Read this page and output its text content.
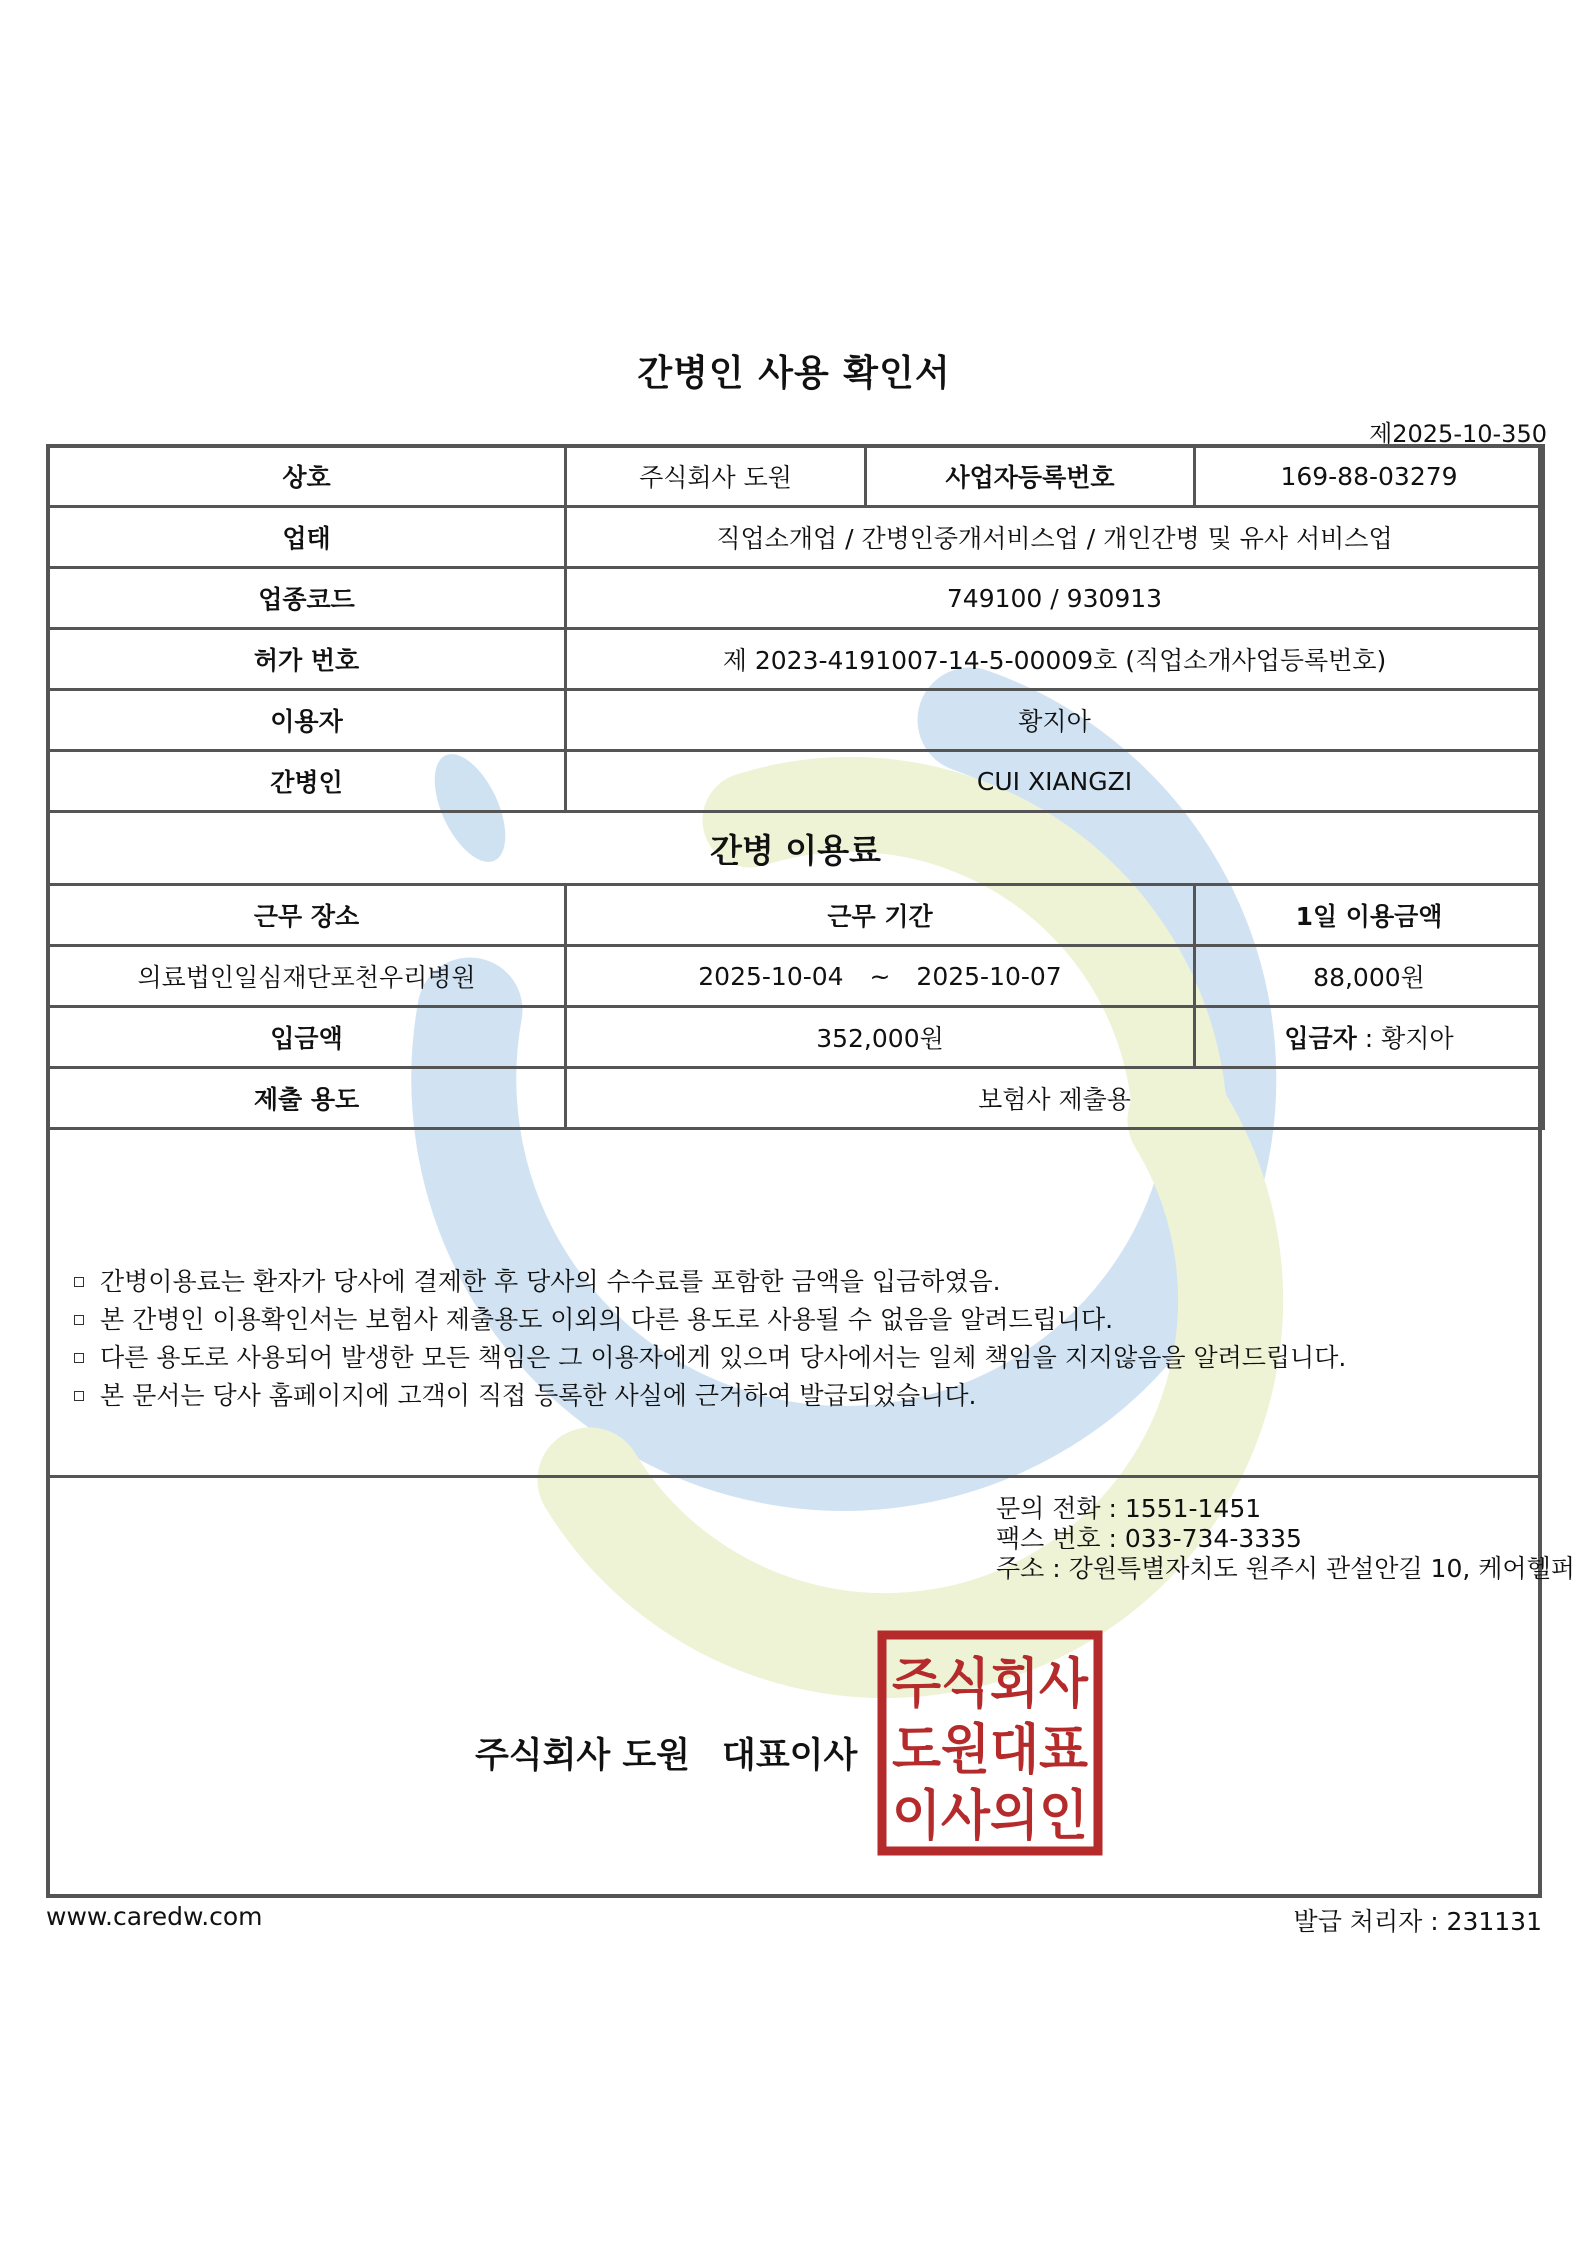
간병인 사용 확인서
제2025-10-350
상호	주식회사 도원	사업자등록번호	169-88-03279
업태	직업소개업 / 간병인중개서비스업 / 개인간병 및 유사 서비스업		
업종코드	749100 / 930913		
허가 번호	제 2023-4191007-14-5-00009호 (직업소개사업등록번호)		
이용자	황지아		
간병인	CUI XIANGZI		
간병 이용료			
근무 장소	근무 기간		1일 이용금액
의료법인일심재단포천우리병원	2025-10-04 ~ 2025-10-07		88,000원
입금액	352,000원		입금자 : 황지아
제출 용도	보험사 제출용		
간병이용료는 환자가 당사에 결제한 후 당사의 수수료를 포함한 금액을 입금하였음.
본 간병인 이용확인서는 보험사 제출용도 이외의 다른 용도로 사용될 수 없음을 알려드립니다.
다른 용도로 사용되어 발생한 모든 책임은 그 이용자에게 있으며 당사에서는 일체 책임을 지지않음을 알려드립니다.
본 문서는 당사 홈페이지에 고객이 직접 등록한 사실에 근거하여 발급되었습니다.
문의 전화 : 1551-1451
팩스 번호 : 033-734-3335
주소 : 강원특별자치도 원주시 관설안길 10, 케어헬퍼
주식회사 도원 대표이사
주식회사
도원대표
이사의인
www.caredw.com	발급 처리자 : 231131
